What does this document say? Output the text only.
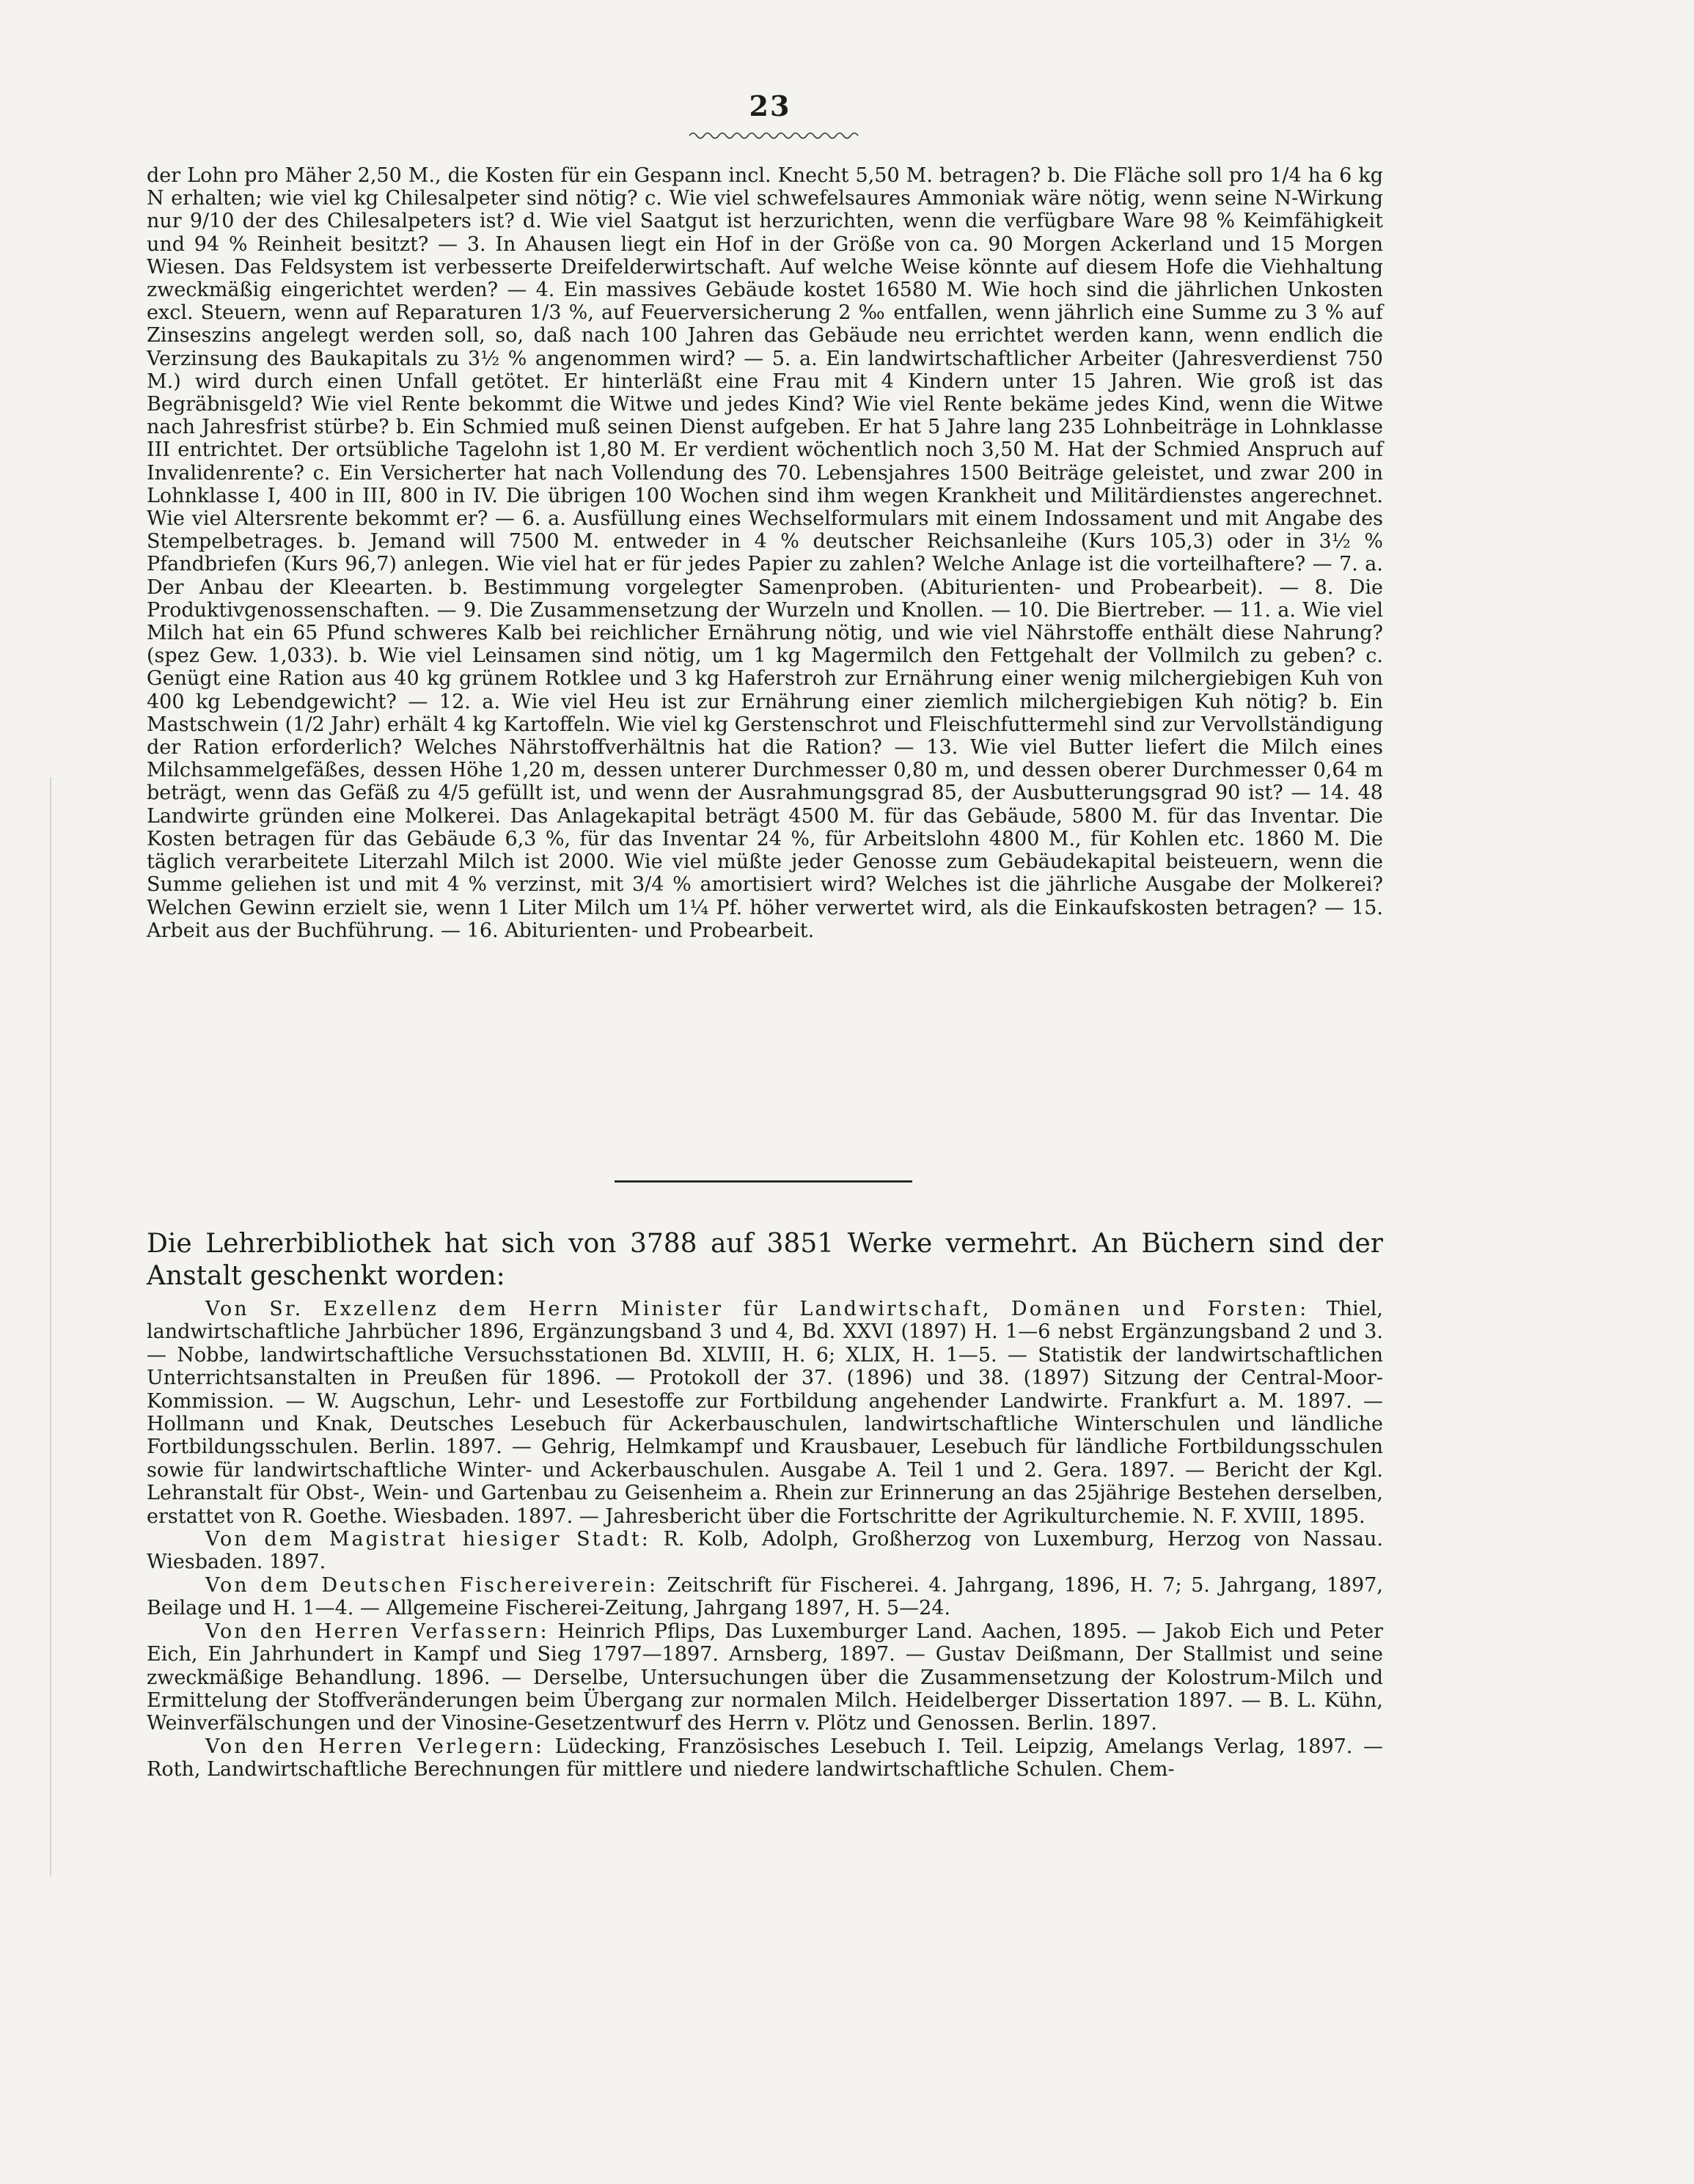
23

der Lohn pro Mäher 2,50 M., die Kosten für ein Gespann incl. Knecht 5,50 M. betragen? b. Die Fläche soll pro 1/4 ha 6 kg N erhalten; wie viel kg Chilesalpeter sind nötig? c. Wie viel schwefelsaures Ammoniak wäre nötig, wenn seine N-Wirkung nur 9/10 der des Chilesalpeters ist? d. Wie viel Saatgut ist herzurichten, wenn die verfügbare Ware 98 % Keimfähigkeit und 94 % Reinheit besitzt? — 3. In Ahausen liegt ein Hof in der Größe von ca. 90 Morgen Ackerland und 15 Morgen Wiesen. Das Feldsystem ist verbesserte Dreifelderwirtschaft. Auf welche Weise könnte auf diesem Hofe die Viehhaltung zweckmäßig eingerichtet werden? — 4. Ein massives Gebäude kostet 16580 M. Wie hoch sind die jährlichen Unkosten excl. Steuern, wenn auf Reparaturen 1/3 %, auf Feuerversicherung 2 ‰ entfallen, wenn jährlich eine Summe zu 3 % auf Zinseszins angelegt werden soll, so, daß nach 100 Jahren das Gebäude neu errichtet werden kann, wenn endlich die Verzinsung des Baukapitals zu 3½ % angenommen wird? — 5. a. Ein landwirtschaftlicher Arbeiter (Jahresverdienst 750 M.) wird durch einen Unfall getötet. Er hinterläßt eine Frau mit 4 Kindern unter 15 Jahren. Wie groß ist das Begräbnisgeld? Wie viel Rente bekommt die Witwe und jedes Kind? Wie viel Rente bekäme jedes Kind, wenn die Witwe nach Jahresfrist stürbe? b. Ein Schmied muß seinen Dienst aufgeben. Er hat 5 Jahre lang 235 Lohnbeiträge in Lohnklasse III entrichtet. Der ortsübliche Tagelohn ist 1,80 M. Er verdient wöchentlich noch 3,50 M. Hat der Schmied Anspruch auf Invalidenrente? c. Ein Versicherter hat nach Vollendung des 70. Lebensjahres 1500 Beiträge geleistet, und zwar 200 in Lohnklasse I, 400 in III, 800 in IV. Die übrigen 100 Wochen sind ihm wegen Krankheit und Militärdienstes angerechnet. Wie viel Altersrente bekommt er? — 6. a. Ausfüllung eines Wechselformulars mit einem Indossament und mit Angabe des Stempelbetrages. b. Jemand will 7500 M. entweder in 4 % deutscher Reichsanleihe (Kurs 105,3) oder in 3½ % Pfandbriefen (Kurs 96,7) anlegen. Wie viel hat er für jedes Papier zu zahlen? Welche Anlage ist die vorteilhaftere? — 7. a. Der Anbau der Kleearten. b. Bestimmung vorgelegter Samenproben. (Abiturienten- und Probearbeit). — 8. Die Produktivgenossenschaften. — 9. Die Zusammensetzung der Wurzeln und Knollen. — 10. Die Biertreber. — 11. a. Wie viel Milch hat ein 65 Pfund schweres Kalb bei reichlicher Ernährung nötig, und wie viel Nährstoffe enthält diese Nahrung? (spez Gew. 1,033). b. Wie viel Leinsamen sind nötig, um 1 kg Magermilch den Fettgehalt der Vollmilch zu geben? c. Genügt eine Ration aus 40 kg grünem Rotklee und 3 kg Haferstroh zur Ernährung einer wenig milchergiebigen Kuh von 400 kg Lebendgewicht? — 12. a. Wie viel Heu ist zur Ernährung einer ziemlich milchergiebigen Kuh nötig? b. Ein Mastschwein (1/2 Jahr) erhält 4 kg Kartoffeln. Wie viel kg Gerstenschrot und Fleischfuttermehl sind zur Vervollständigung der Ration erforderlich? Welches Nährstoffverhältnis hat die Ration? — 13. Wie viel Butter liefert die Milch eines Milchsammelgefäßes, dessen Höhe 1,20 m, dessen unterer Durchmesser 0,80 m, und dessen oberer Durchmesser 0,64 m beträgt, wenn das Gefäß zu 4/5 gefüllt ist, und wenn der Ausrahmungsgrad 85, der Ausbutterungsgrad 90 ist? — 14. 48 Landwirte gründen eine Molkerei. Das Anlagekapital beträgt 4500 M. für das Gebäude, 5800 M. für das Inventar. Die Kosten betragen für das Gebäude 6,3 %, für das Inventar 24 %, für Arbeitslohn 4800 M., für Kohlen etc. 1860 M. Die täglich verarbeitete Literzahl Milch ist 2000. Wie viel müßte jeder Genosse zum Gebäudekapital beisteuern, wenn die Summe geliehen ist und mit 4 % verzinst, mit 3/4 % amortisiert wird? Welches ist die jährliche Ausgabe der Molkerei? Welchen Gewinn erzielt sie, wenn 1 Liter Milch um 1¼ Pf. höher verwertet wird, als die Einkaufskosten betragen? — 15. Arbeit aus der Buchführung. — 16. Abiturienten- und Probearbeit.

Die Lehrerbibliothek hat sich von 3788 auf 3851 Werke vermehrt. An Büchern sind der Anstalt geschenkt worden:

Von Sr. Exzellenz dem Herrn Minister für Landwirtschaft, Domänen und Forsten: Thiel, landwirtschaftliche Jahrbücher 1896, Ergänzungsband 3 und 4, Bd. XXVI (1897) H. 1—6 nebst Ergänzungsband 2 und 3. — Nobbe, landwirtschaftliche Versuchsstationen Bd. XLVIII, H. 6; XLIX, H. 1—5. — Statistik der landwirtschaftlichen Unterrichtsanstalten in Preußen für 1896. — Protokoll der 37. (1896) und 38. (1897) Sitzung der Central-Moor-Kommission. — W. Augschun, Lehr- und Lesestoffe zur Fortbildung angehender Landwirte. Frankfurt a. M. 1897. — Hollmann und Knak, Deutsches Lesebuch für Ackerbauschulen, landwirtschaftliche Winterschulen und ländliche Fortbildungsschulen. Berlin. 1897. — Gehrig, Helmkampf und Krausbauer, Lesebuch für ländliche Fortbildungsschulen sowie für landwirtschaftliche Winter- und Ackerbauschulen. Ausgabe A. Teil 1 und 2. Gera. 1897. — Bericht der Kgl. Lehranstalt für Obst-, Wein- und Gartenbau zu Geisenheim a. Rhein zur Erinnerung an das 25jährige Bestehen derselben, erstattet von R. Goethe. Wiesbaden. 1897. — Jahresbericht über die Fortschritte der Agrikulturchemie. N. F. XVIII, 1895.

Von dem Magistrat hiesiger Stadt: R. Kolb, Adolph, Großherzog von Luxemburg, Herzog von Nassau. Wiesbaden. 1897.

Von dem Deutschen Fischereiverein: Zeitschrift für Fischerei. 4. Jahrgang, 1896, H. 7; 5. Jahrgang, 1897, Beilage und H. 1—4. — Allgemeine Fischerei-Zeitung, Jahrgang 1897, H. 5—24.

Von den Herren Verfassern: Heinrich Pflips, Das Luxemburger Land. Aachen, 1895. — Jakob Eich und Peter Eich, Ein Jahrhundert in Kampf und Sieg 1797—1897. Arnsberg, 1897. — Gustav Deißmann, Der Stallmist und seine zweckmäßige Behandlung. 1896. — Derselbe, Untersuchungen über die Zusammensetzung der Kolostrum-Milch und Ermittelung der Stoffveränderungen beim Übergang zur normalen Milch. Heidelberger Dissertation 1897. — B. L. Kühn, Weinverfälschungen und der Vinosine-Gesetzentwurf des Herrn v. Plötz und Genossen. Berlin. 1897.

Von den Herren Verlegern: Lüdecking, Französisches Lesebuch I. Teil. Leipzig, Amelangs Verlag, 1897. — Roth, Landwirtschaftliche Berechnungen für mittlere und niedere landwirtschaftliche Schulen. Chem-
